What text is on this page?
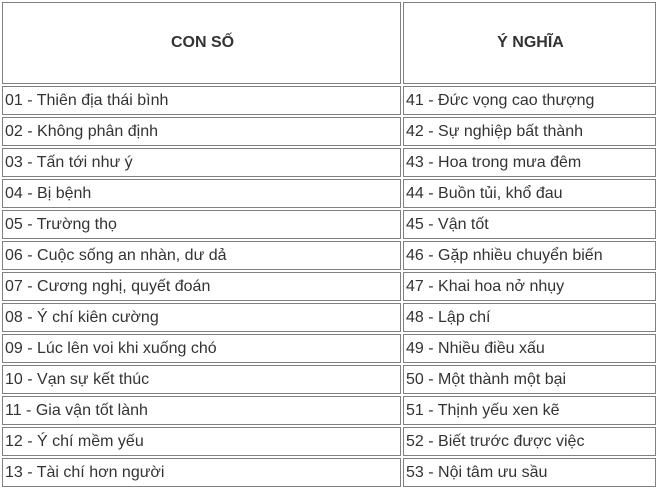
CON SỐ	Ý NGHĨA
01 - Thiên địa thái bình	41 - Đức vọng cao thượng
02 - Không phân định	42 - Sự nghiệp bất thành
03 - Tấn tới như ý	43 - Hoa trong mưa đêm
04 - Bị bệnh	44 - Buồn tủi, khổ đau
05 - Trường thọ	45 - Vận tốt
06 - Cuộc sống an nhàn, dư dả	46 - Gặp nhiều chuyển biến
07 - Cương nghị, quyết đoán	47 - Khai hoa nở nhụy
08 - Ý chí kiên cường	48 - Lập chí
09 - Lúc lên voi khi xuống chó	49 - Nhiều điều xấu
10 - Vạn sự kết thúc	50 - Một thành một bại
11 - Gia vận tốt lành	51 - Thịnh yếu xen kẽ
12 - Ý chí mềm yếu	52 - Biết trước được việc
13 - Tài chí hơn người	53 - Nội tâm ưu sầu
